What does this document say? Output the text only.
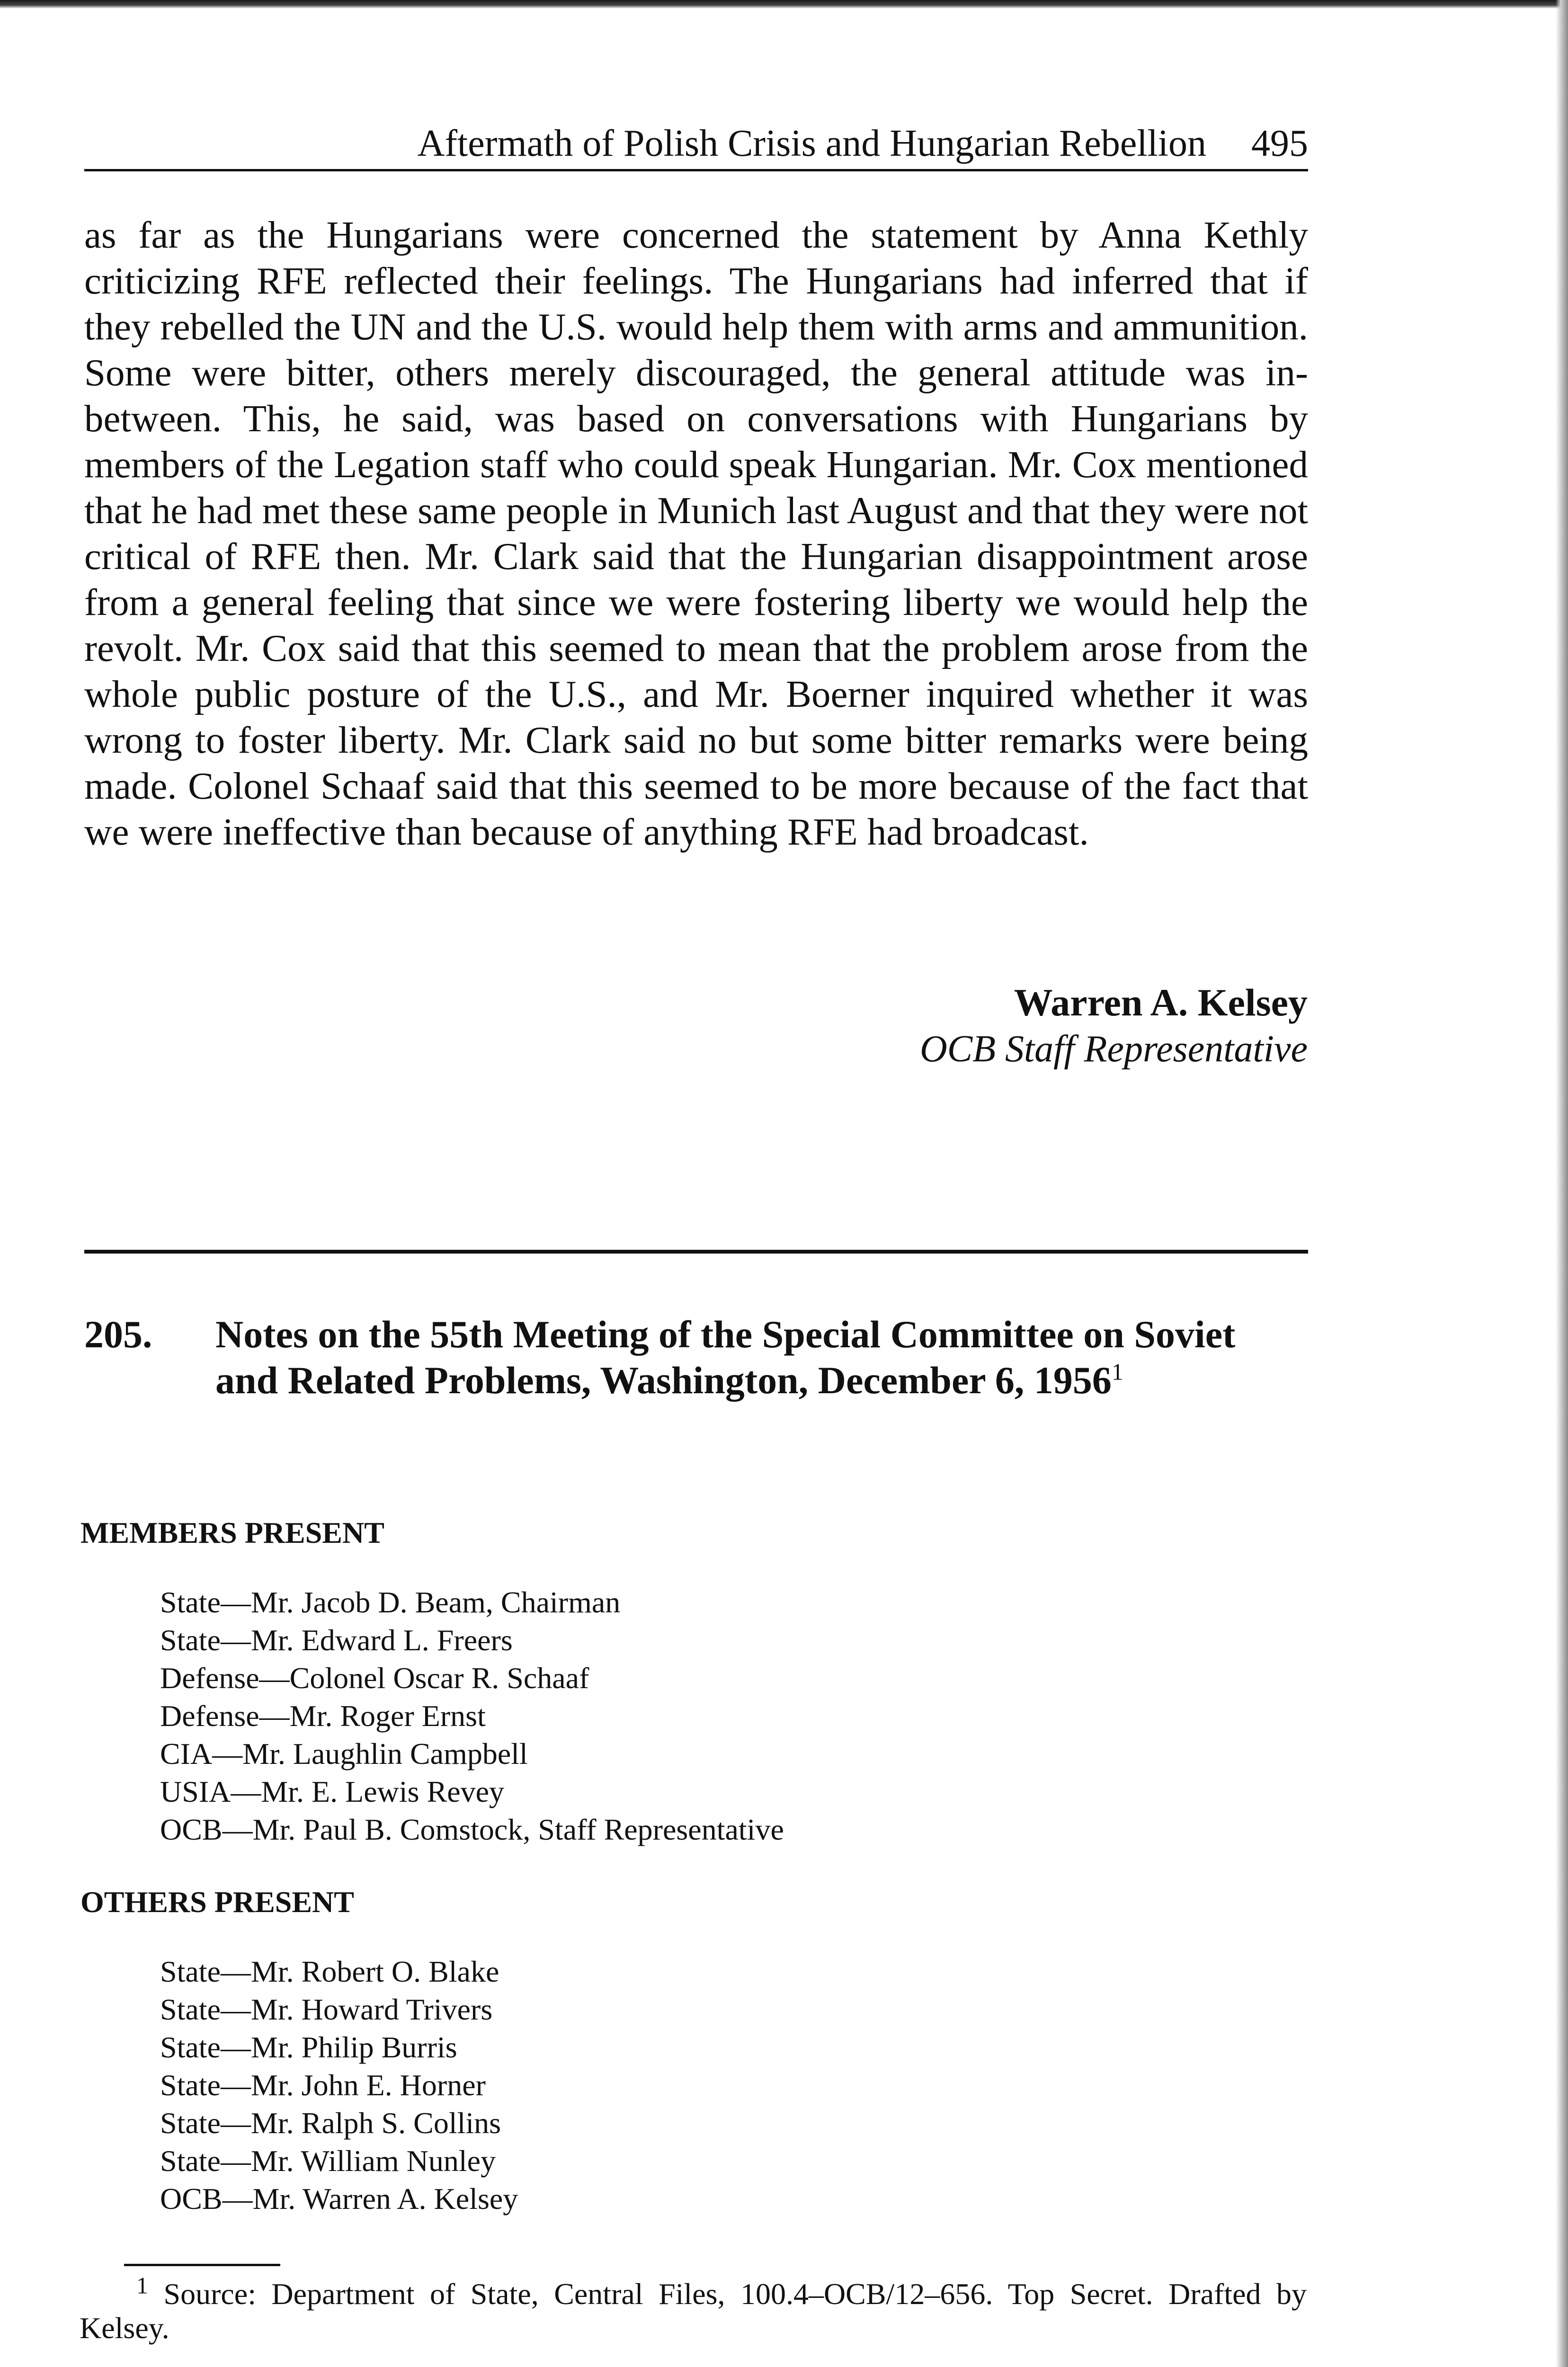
Aftermath of Polish Crisis and Hungarian Rebellion 495

as far as the Hungarians were concerned the statement by Anna Kethly criticizing RFE reflected their feelings. The Hungarians had inferred that if they rebelled the UN and the U.S. would help them with arms and ammunition. Some were bitter, others merely discouraged, the general attitude was in-between. This, he said, was based on conversations with Hungarians by members of the Legation staff who could speak Hungarian. Mr. Cox mentioned that he had met these same people in Munich last August and that they were not critical of RFE then. Mr. Clark said that the Hungarian disappointment arose from a general feeling that since we were fostering liberty we would help the revolt. Mr. Cox said that this seemed to mean that the problem arose from the whole public posture of the U.S., and Mr. Boerner inquired whether it was wrong to foster liberty. Mr. Clark said no but some bitter remarks were being made. Colonel Schaaf said that this seemed to be more because of the fact that we were ineffective than because of anything RFE had broadcast.

Warren A. Kelsey
OCB Staff Representative
205. Notes on the 55th Meeting of the Special Committee on Soviet and Related Problems, Washington, December 6, 1956$^1$
MEMBERS PRESENT
State—Mr. Jacob D. Beam, Chairman
State—Mr. Edward L. Freers
Defense—Colonel Oscar R. Schaaf
Defense—Mr. Roger Ernst
CIA—Mr. Laughlin Campbell
USIA—Mr. E. Lewis Revey
OCB—Mr. Paul B. Comstock, Staff Representative
OTHERS PRESENT
State—Mr. Robert O. Blake
State—Mr. Howard Trivers
State—Mr. Philip Burris
State—Mr. John E. Horner
State—Mr. Ralph S. Collins
State—Mr. William Nunley
OCB—Mr. Warren A. Kelsey

$^1$ Source: Department of State, Central Files, 100.4–OCB/12–656. Top Secret. Drafted by Kelsey.
